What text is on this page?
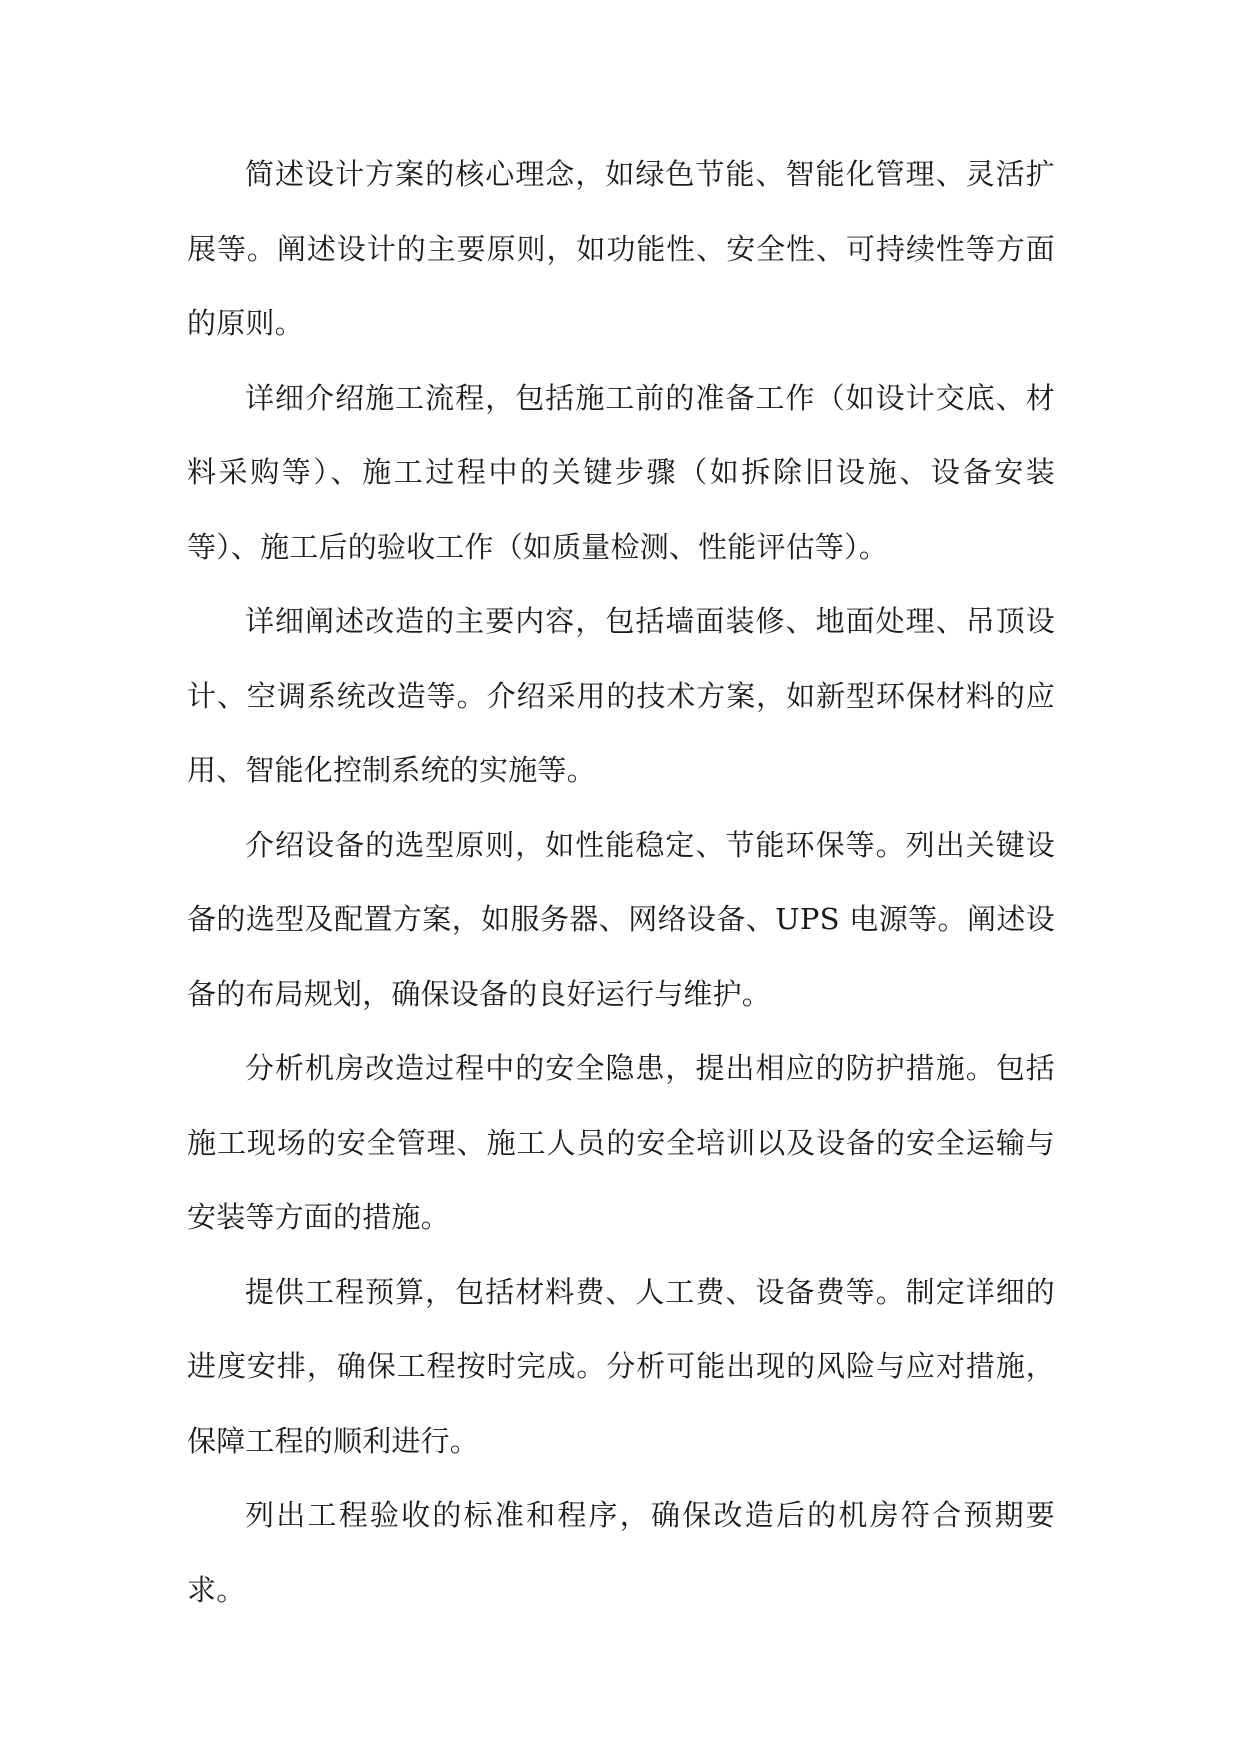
简述设计方案的核心理念，如绿色节能、智能化管理、灵活扩展等。阐述设计的主要原则，如功能性、安全性、可持续性等方面的原则。

详细介绍施工流程，包括施工前的准备工作（如设计交底、材料采购等）、施工过程中的关键步骤（如拆除旧设施、设备安装等）、施工后的验收工作（如质量检测、性能评估等）。

详细阐述改造的主要内容，包括墙面装修、地面处理、吊顶设计、空调系统改造等。介绍采用的技术方案，如新型环保材料的应用、智能化控制系统的实施等。

介绍设备的选型原则，如性能稳定、节能环保等。列出关键设备的选型及配置方案，如服务器、网络设备、UPS 电源等。阐述设备的布局规划，确保设备的良好运行与维护。

分析机房改造过程中的安全隐患，提出相应的防护措施。包括施工现场的安全管理、施工人员的安全培训以及设备的安全运输与安装等方面的措施。

提供工程预算，包括材料费、人工费、设备费等。制定详细的进度安排，确保工程按时完成。分析可能出现的风险与应对措施，保障工程的顺利进行。

列出工程验收的标准和程序，确保改造后的机房符合预期要求。
